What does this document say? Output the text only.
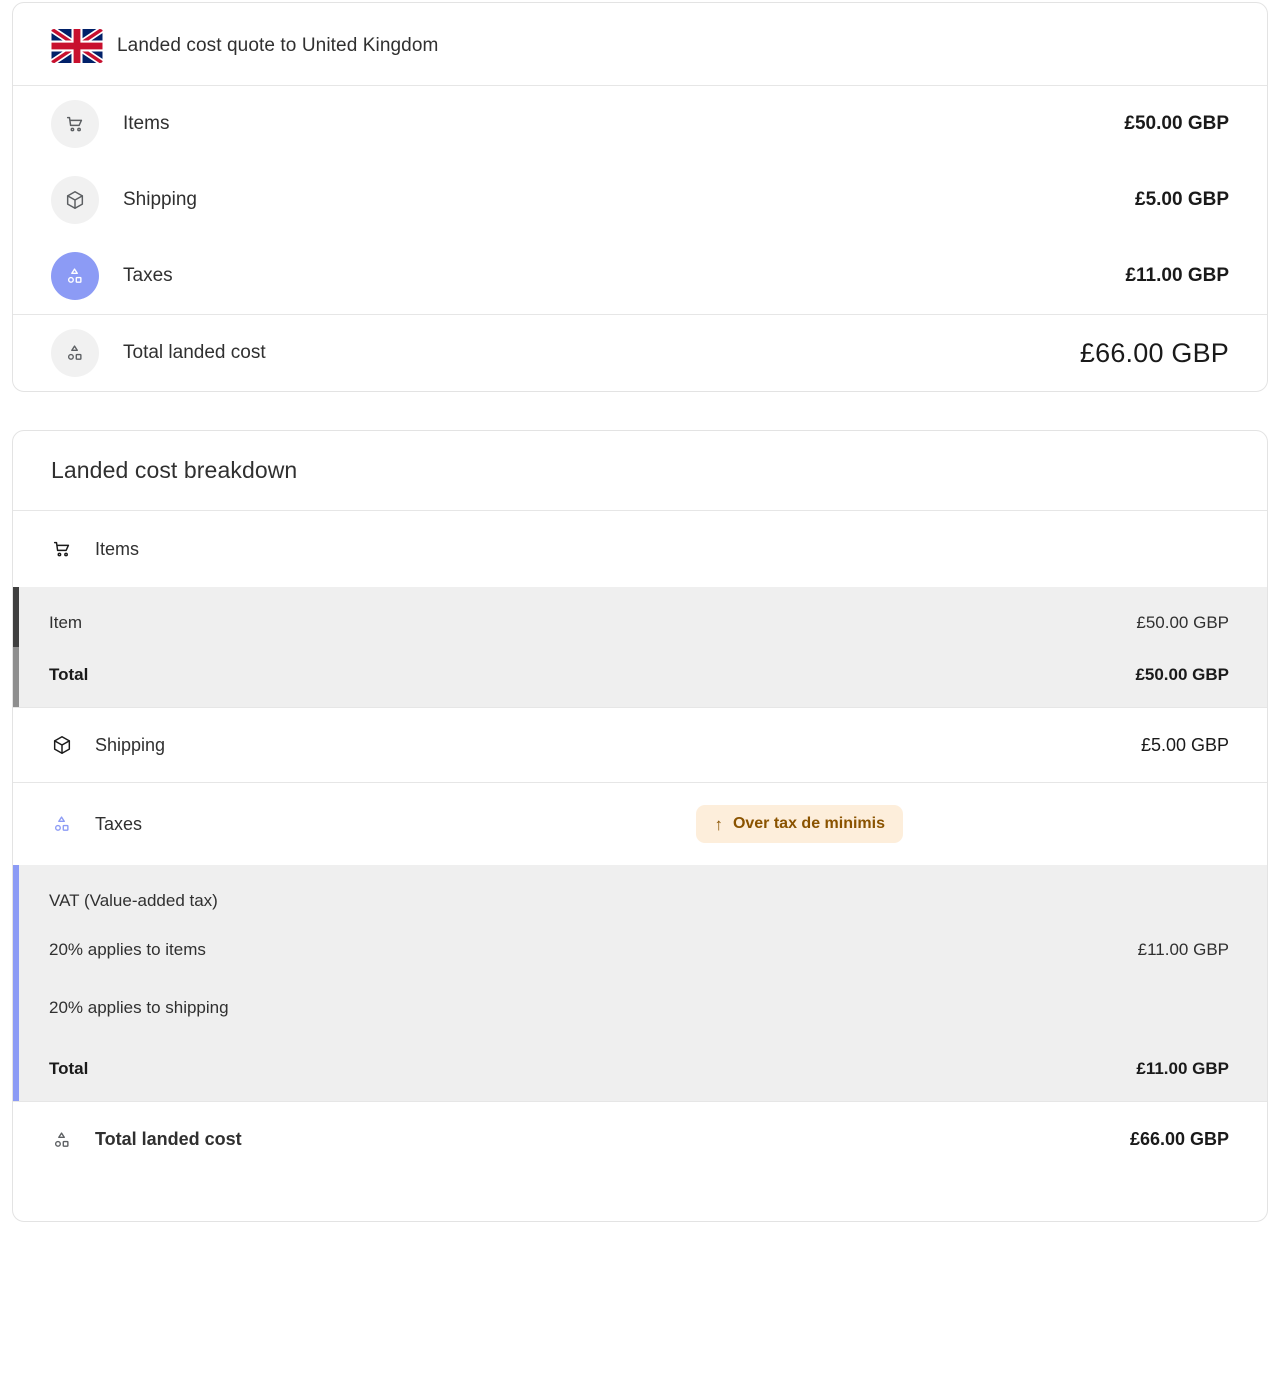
Landed cost quote to United Kingdom
Items	£50.00 GBP
Shipping	£5.00 GBP
Taxes	£11.00 GBP
Total landed cost	£66.00 GBP
Landed cost breakdown
Items
Item	£50.00 GBP
Total	£50.00 GBP
Shipping	£5.00 GBP
Taxes	↑ Over tax de minimis
VAT (Value-added tax)
20% applies to items	£11.00 GBP
20% applies to shipping
Total	£11.00 GBP
Total landed cost	£66.00 GBP
